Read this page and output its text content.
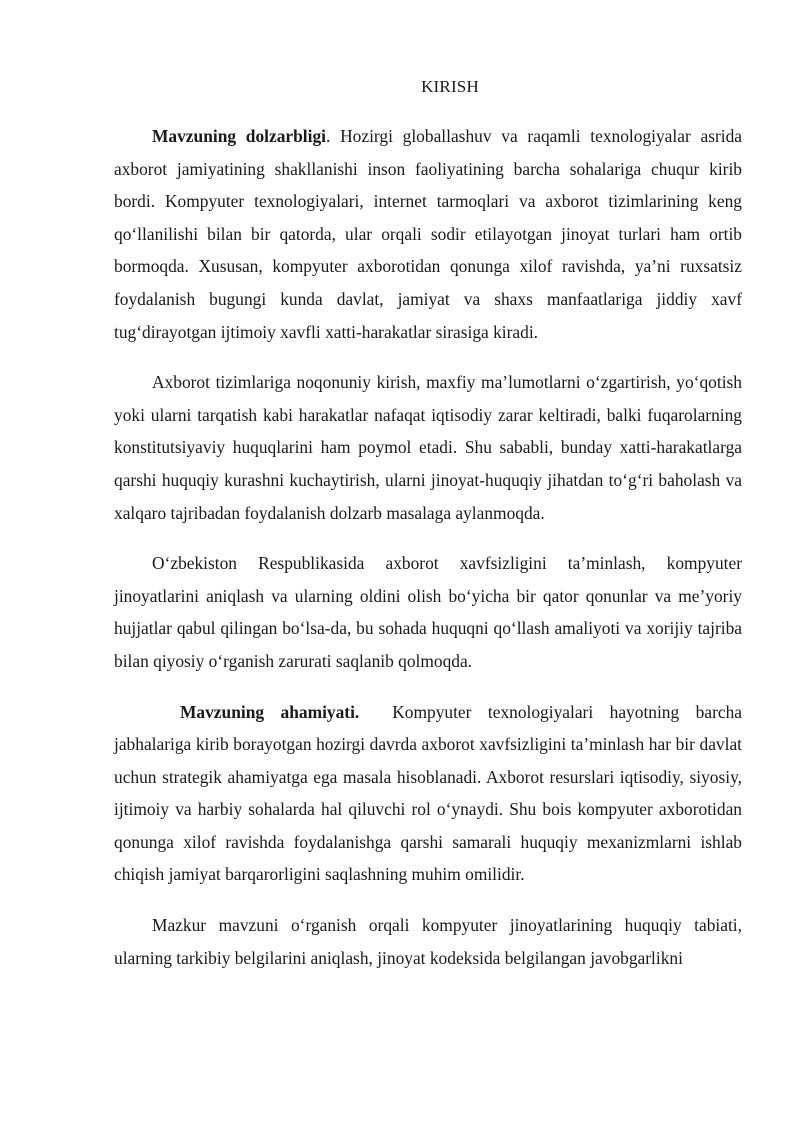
KIRISH

Mavzuning dolzarbligi. Hozirgi globallashuv va raqamli texnologiyalar asrida axborot jamiyatining shakllanishi inson faoliyatining barcha sohalariga chuqur kirib bordi. Kompyuter texnologiyalari, internet tarmoqlari va axborot tizimlarining keng qo‘llanilishi bilan bir qatorda, ular orqali sodir etilayotgan jinoyat turlari ham ortib bormoqda. Xususan, kompyuter axborotidan qonunga xilof ravishda, ya’ni ruxsatsiz foydalanish bugungi kunda davlat, jamiyat va shaxs manfaatlariga jiddiy xavf tug‘dirayotgan ijtimoiy xavfli xatti-harakatlar sirasiga kiradi.

Axborot tizimlariga noqonuniy kirish, maxfiy ma’lumotlarni o‘zgartirish, yo‘qotish yoki ularni tarqatish kabi harakatlar nafaqat iqtisodiy zarar keltiradi, balki fuqarolarning konstitutsiyaviy huquqlarini ham poymol etadi. Shu sababli, bunday xatti-harakatlarga qarshi huquqiy kurashni kuchaytirish, ularni jinoyat-huquqiy jihatdan to‘g‘ri baholash va xalqaro tajribadan foydalanish dolzarb masalaga aylanmoqda.

O‘zbekiston Respublikasida axborot xavfsizligini ta’minlash, kompyuter jinoyatlarini aniqlash va ularning oldini olish bo‘yicha bir qator qonunlar va me’yoriy hujjatlar qabul qilingan bo‘lsa-da, bu sohada huquqni qo‘llash amaliyoti va xorijiy tajriba bilan qiyosiy o‘rganish zarurati saqlanib qolmoqda.

Mavzuning ahamiyati.  Kompyuter texnologiyalari hayotning barcha jabhalariga kirib borayotgan hozirgi davrda axborot xavfsizligini ta’minlash har bir davlat uchun strategik ahamiyatga ega masala hisoblanadi. Axborot resurslari iqtisodiy, siyosiy, ijtimoiy va harbiy sohalarda hal qiluvchi rol o‘ynaydi. Shu bois kompyuter axborotidan qonunga xilof ravishda foydalanishga qarshi samarali huquqiy mexanizmlarni ishlab chiqish jamiyat barqarorligini saqlashning muhim omilidir.

Mazkur mavzuni o‘rganish orqali kompyuter jinoyatlarining huquqiy tabiati, ularning tarkibiy belgilarini aniqlash, jinoyat kodeksida belgilangan javobgarlikni
